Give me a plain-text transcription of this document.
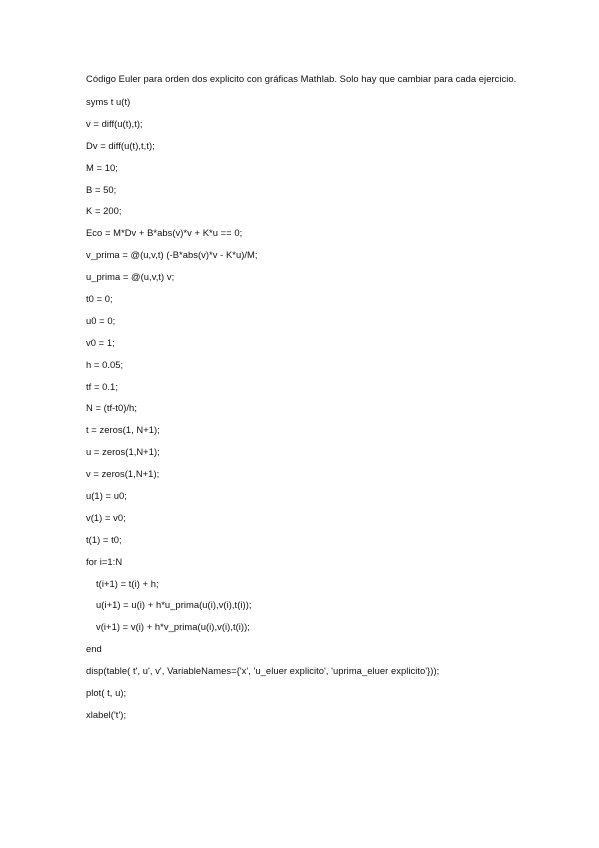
Código Euler para orden dos explicito con gráficas Mathlab. Solo hay que cambiar para cada ejercicio.

syms t u(t)
v = diff(u(t),t);
Dv = diff(u(t),t,t);
M = 10;
B = 50;
K = 200;
Eco = M*Dv + B*abs(v)*v + K*u == 0;
v_prima = @(u,v,t) (-B*abs(v)*v - K*u)/M;
u_prima = @(u,v,t) v;
t0 = 0;
u0 = 0;
v0 = 1;
h = 0.05;
tf = 0.1;
N = (tf-t0)/h;
t = zeros(1, N+1);
u = zeros(1,N+1);
v = zeros(1,N+1);
u(1) = u0;
v(1) = v0;
t(1) = t0;
for i=1:N
t(i+1) = t(i) + h;
u(i+1) = u(i) + h*u_prima(u(i),v(i),t(i));
v(i+1) = v(i) + h*v_prima(u(i),v(i),t(i));
end
disp(table( t', u', v', VariableNames={'x', 'u_eluer explicito', 'uprima_eluer explicito'}));
plot( t, u);
xlabel('t');
